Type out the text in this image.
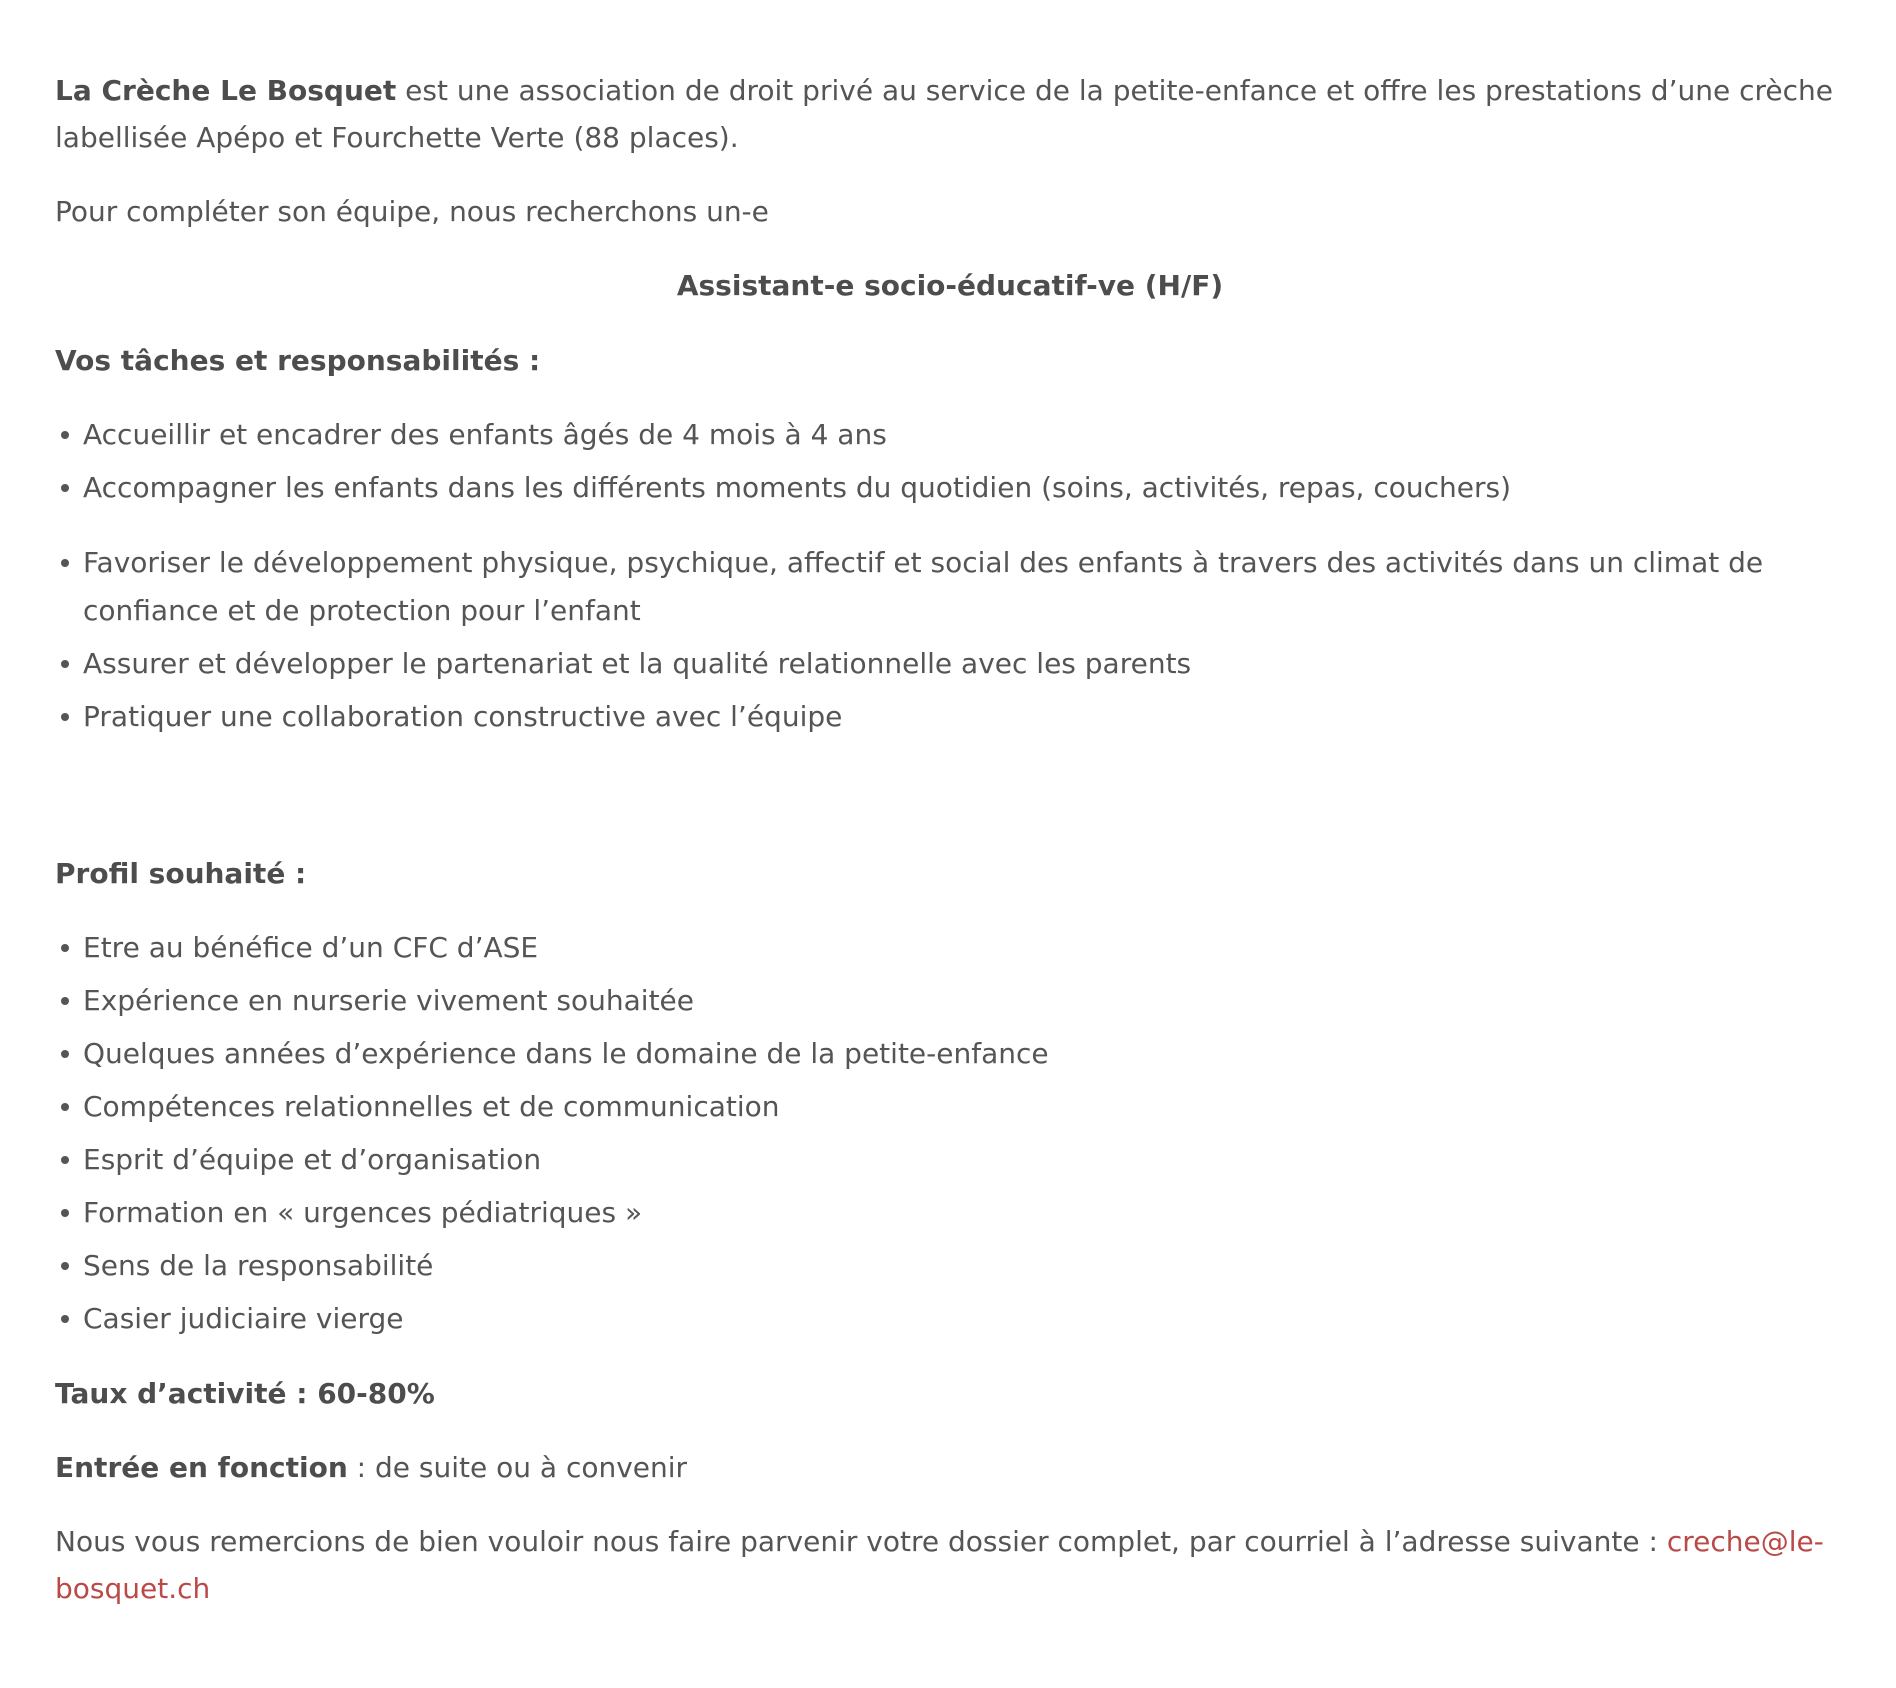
La Crèche Le Bosquet est une association de droit privé au service de la petite-enfance et offre les prestations d’une crèche labellisée Apépo et Fourchette Verte (88 places).

Pour compléter son équipe, nous recherchons un-e

Assistant-e socio-éducatif-ve (H/F)

Vos tâches et responsabilités :

Accueillir et encadrer des enfants âgés de 4 mois à 4 ans
Accompagner les enfants dans les différents moments du quotidien (soins, activités, repas, couchers)
Favoriser le développement physique, psychique, affectif et social des enfants à travers des activités dans un climat de confiance et de protection pour l’enfant
Assurer et développer le partenariat et la qualité relationnelle avec les parents
Pratiquer une collaboration constructive avec l’équipe

Profil souhaité :

Etre au bénéfice d’un CFC d’ASE
Expérience en nurserie vivement souhaitée
Quelques années d’expérience dans le domaine de la petite-enfance
Compétences relationnelles et de communication
Esprit d’équipe et d’organisation
Formation en « urgences pédiatriques »
Sens de la responsabilité
Casier judiciaire vierge

Taux d’activité : 60-80%

Entrée en fonction : de suite ou à convenir

Nous vous remercions de bien vouloir nous faire parvenir votre dossier complet, par courriel à l’adresse suivante : creche@le-bosquet.ch
